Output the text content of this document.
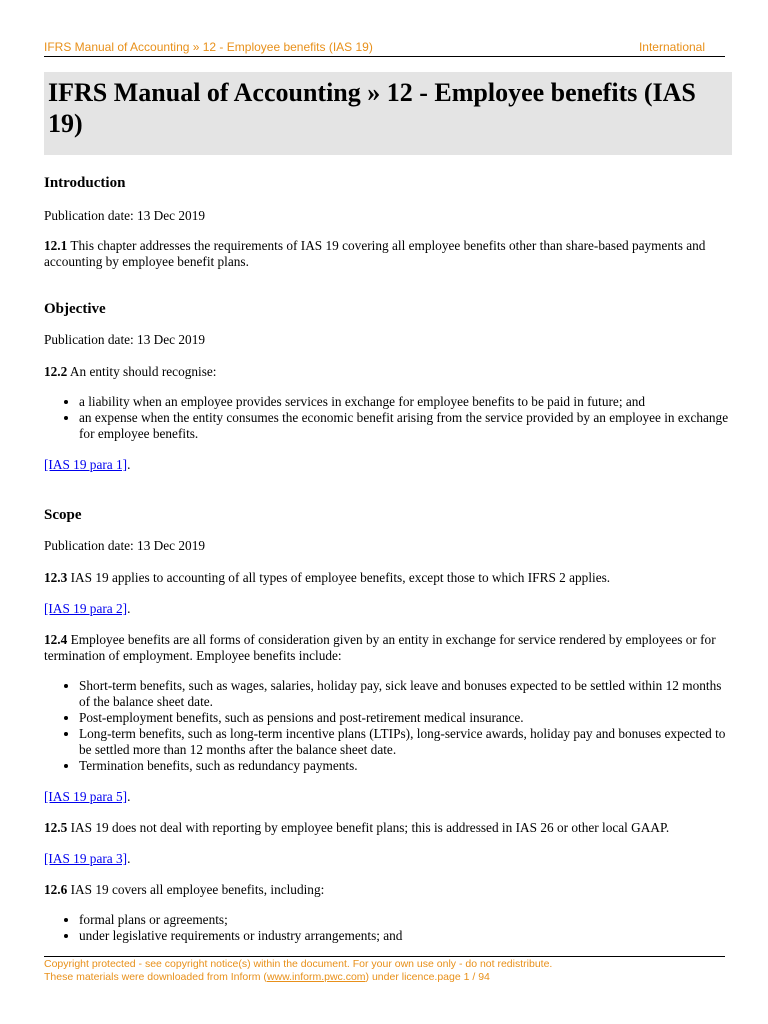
IFRS Manual of Accounting » 12 - Employee benefits (IAS 19)	International
IFRS Manual of Accounting » 12 - Employee benefits (IAS 19)
Introduction

Publication date: 13 Dec 2019

12.1 This chapter addresses the requirements of IAS 19 covering all employee benefits other than share-based payments and accounting by employee benefit plans.

Objective

Publication date: 13 Dec 2019

12.2 An entity should recognise:

• a liability when an employee provides services in exchange for employee benefits to be paid in future; and
• an expense when the entity consumes the economic benefit arising from the service provided by an employee in exchange for employee benefits.

[IAS 19 para 1].

Scope

Publication date: 13 Dec 2019

12.3 IAS 19 applies to accounting of all types of employee benefits, except those to which IFRS 2 applies.

[IAS 19 para 2].

12.4 Employee benefits are all forms of consideration given by an entity in exchange for service rendered by employees or for termination of employment. Employee benefits include:

• Short-term benefits, such as wages, salaries, holiday pay, sick leave and bonuses expected to be settled within 12 months of the balance sheet date.
• Post-employment benefits, such as pensions and post-retirement medical insurance.
• Long-term benefits, such as long-term incentive plans (LTIPs), long-service awards, holiday pay and bonuses expected to be settled more than 12 months after the balance sheet date.
• Termination benefits, such as redundancy payments.

[IAS 19 para 5].

12.5 IAS 19 does not deal with reporting by employee benefit plans; this is addressed in IAS 26 or other local GAAP.

[IAS 19 para 3].

12.6 IAS 19 covers all employee benefits, including:

• formal plans or agreements;
• under legislative requirements or industry arrangements; and
Copyright protected - see copyright notice(s) within the document. For your own use only - do not redistribute.
These materials were downloaded from Inform (www.inform.pwc.com) under licence.page 1 / 94
